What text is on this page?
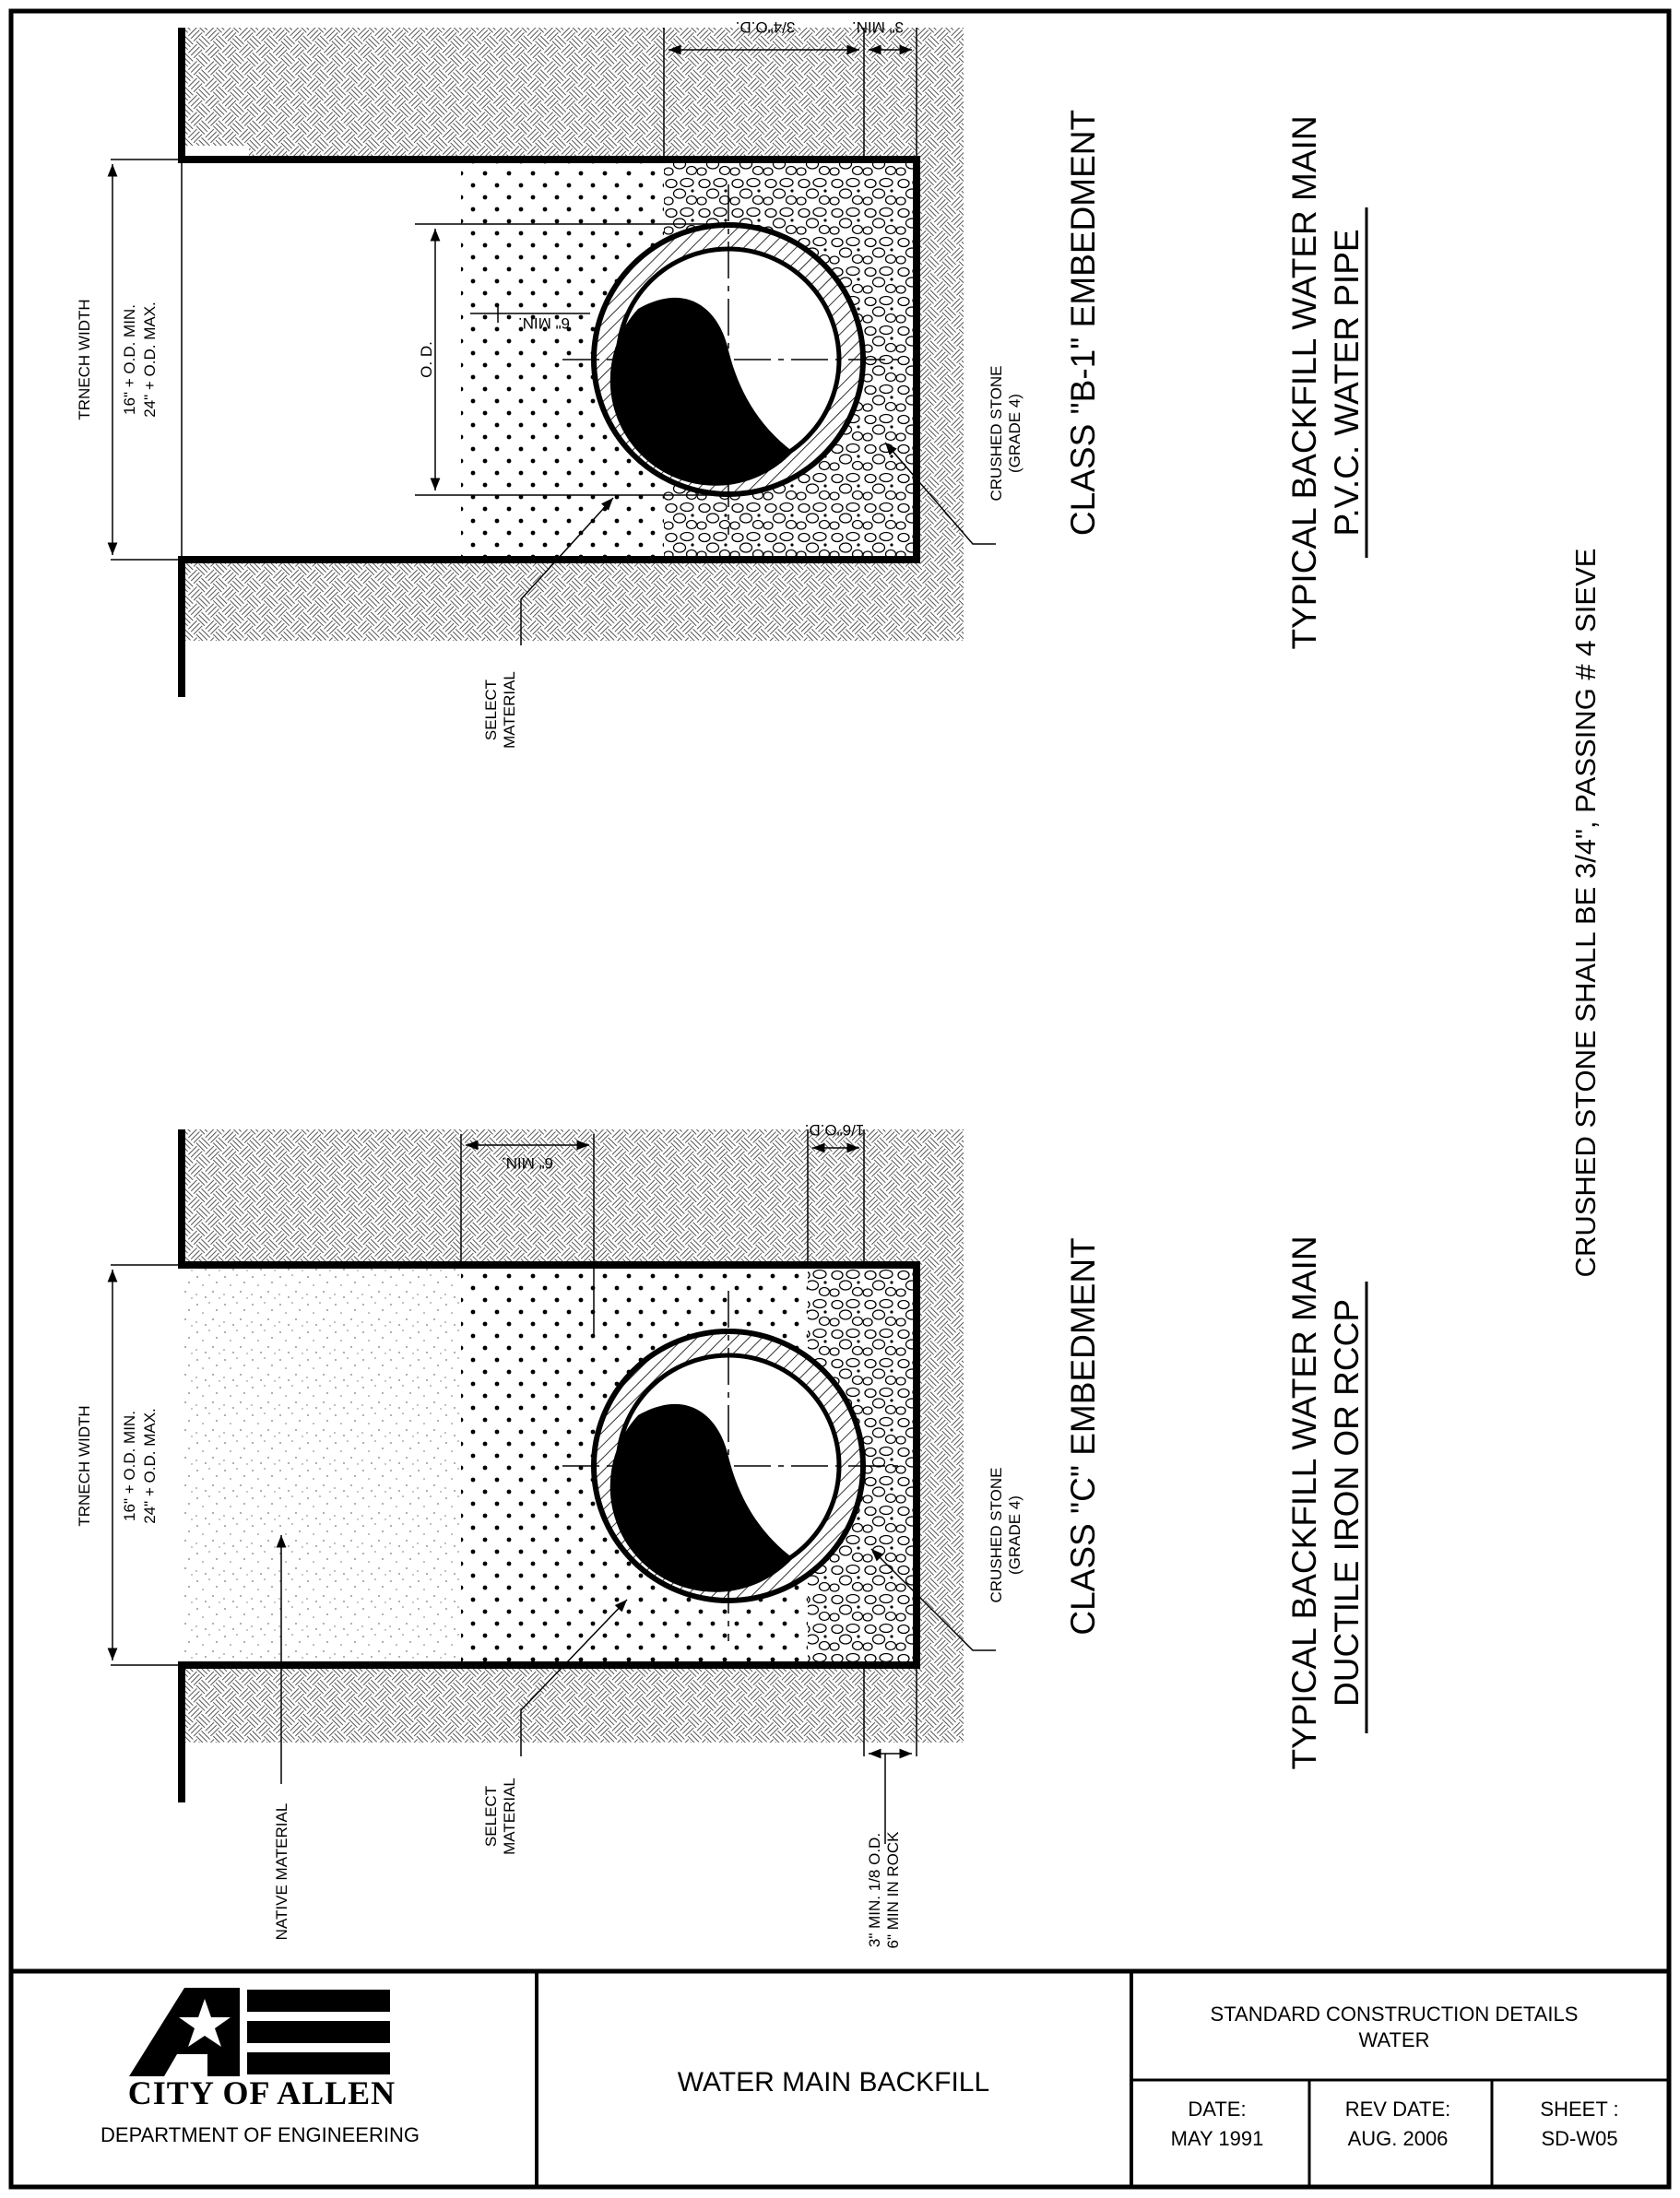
TRNECH WIDTH 16" + O.D. MIN. 24" + O.D. MAX.	O. D.
6" MIN.
3/4"O.D.	3" MIN.
CRUSHED STONE (GRADE 4)
SELECT MATERIAL
CLASS "B-1" EMBEDMENT	TYPICAL BACKFILL WATER MAIN P.V.C. WATER PIPE
TRNECH WIDTH 16" + O.D. MIN. 24" + O.D. MAX.
6" MIN.
1/6"O.D.
CRUSHED STONE (GRADE 4)
NATIVE MATERIAL	SELECT MATERIAL
3" MIN. 1/8 O.D. 6" MIN IN ROCK
CLASS "C" EMBEDMENT	TYPICAL BACKFILL WATER MAIN DUCTILE IRON OR RCCP
CRUSHED STONE SHALL BE 3/4", PASSING # 4 SIEVE
CITY OF ALLEN
DEPARTMENT OF ENGINEERING
WATER MAIN BACKFILL
STANDARD CONSTRUCTION DETAILS
WATER
DATE:
MAY 1991
REV DATE:
AUG. 2006
SHEET :
SD-W05
